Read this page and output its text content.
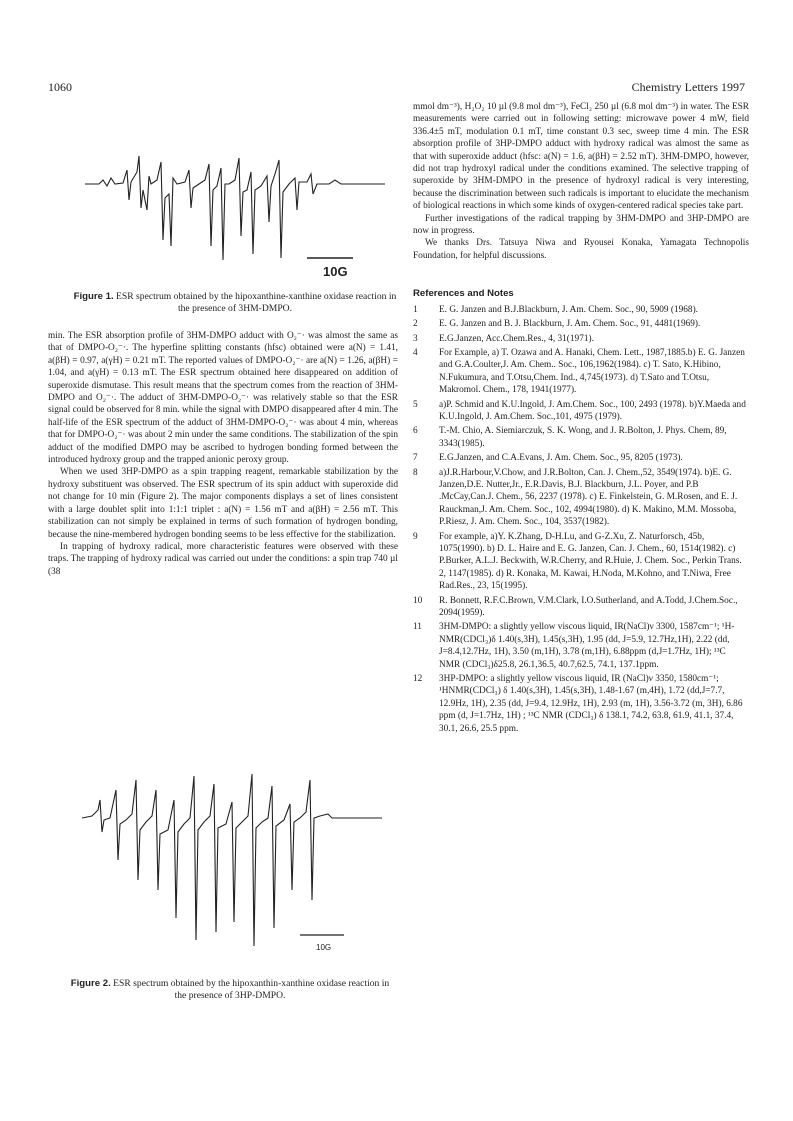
1060	Chemistry Letters 1997
10G
Figure 1. ESR spectrum obtained by the hipoxanthine-xanthine oxidase reaction in the presence of 3HM-DMPO.

min. The ESR absorption profile of 3HM-DMPO adduct with O₂⁻· was almost the same as that of DMPO-O₂⁻·. The hyperfine splitting constants (hfsc) obtained were a(N) = 1.41, a(βH) = 0.97, a(γH) = 0.21 mT. The reported values of DMPO-O₂⁻· are a(N) = 1.26, a(βH) = 1.04, and a(γH) = 0.13 mT. The ESR spectrum obtained here disappeared on addition of superoxide dismutase. This result means that the spectrum comes from the reaction of 3HM-DMPO and O₂⁻·. The adduct of 3HM-DMPO-O₂⁻· was relatively stable so that the ESR signal could be observed for 8 min. while the signal with DMPO disappeared after 4 min. The half-life of the ESR spectrum of the adduct of 3HM-DMPO-O₂⁻· was about 4 min, whereas that for DMPO-O₂⁻· was about 2 min under the same conditions. The stabilization of the spin adduct of the modified DMPO may be ascribed to hydrogen bonding formed between the introduced hydroxy group and the trapped anionic peroxy group.

When we used 3HP-DMPO as a spin trapping reagent, remarkable stabilization by the hydroxy substituent was observed. The ESR spectrum of its spin adduct with superoxide did not change for 10 min (Figure 2). The major components displays a set of lines consistent with a large doublet split into 1:1:1 triplet : a(N) = 1.56 mT and a(βH) = 2.56 mT. This stabilization can not simply be explained in terms of such formation of hydrogen bonding, because the nine-membered hydrogen bonding seems to be less effective for the stabilization.

In trapping of hydroxy radical, more characteristic features were observed with these traps. The trapping of hydroxy radical was carried out under the conditions: a spin trap 740 µl (38

10G
Figure 2. ESR spectrum obtained by the hipoxanthin-xanthine oxidase reaction in the presence of 3HP-DMPO.

mmol dm⁻³), H₂O₂ 10 µl (9.8 mol dm⁻³), FeCl₂ 250 µl (6.8 mol dm⁻³) in water. The ESR measurements were carried out in following setting: microwave power 4 mW, field 336.4±5 mT, modulation 0.1 mT, time constant 0.3 sec, sweep time 4 min. The ESR absorption profile of 3HP-DMPO adduct with hydroxy radical was almost the same as that with superoxide adduct (hfsc: a(N) = 1.6, a(βH) = 2.52 mT). 3HM-DMPO, however, did not trap hydroxyl radical under the conditions examined. The selective trapping of superoxide by 3HM-DMPO in the presence of hydroxyl radical is very interesting, because the discrimination between such radicals is important to elucidate the mechanism of biological reactions in which some kinds of oxygen-centered radical species take part.

Further investigations of the radical trapping by 3HM-DMPO and 3HP-DMPO are now in progress.

We thanks Drs. Tatsuya Niwa and Ryousei Konaka, Yamagata Technopolis Foundation, for helpful discussions.

References and Notes
1 E. G. Janzen and B.J.Blackburn, J. Am. Chem. Soc., 90, 5909 (1968).
2 E. G. Janzen and B. J. Blackburn, J. Am. Chem. Soc., 91, 4481(1969).
3 E.G.Janzen, Acc.Chem.Res., 4, 31(1971).
4 For Example, a) T. Ozawa and A. Hanaki, Chem. Lett., 1987,1885.b) E. G. Janzen and G.A.Coulter,J. Am. Chem.. Soc., 106,1962(1984). c) T. Sato, K.Hibino, N.Fukumura, and T.Otsu,Chem. Ind., 4,745(1973). d) T.Sato and T.Otsu, Makromol. Chem., 178, 1941(1977).
5 a)P. Schmid and K.U.Ingold, J. Am.Chem. Soc., 100, 2493 (1978). b)Y.Maeda and K.U.Ingold, J. Am.Chem. Soc.,101, 4975 (1979).
6 T.-M. Chio, A. Siemiarczuk, S. K. Wong, and J. R.Bolton, J. Phys. Chem, 89, 3343(1985).
7 E.G.Janzen, and C.A.Evans, J. Am. Chem. Soc., 95, 8205 (1973).
8 a)J.R.Harbour,V.Chow, and J.R.Bolton, Can. J. Chem.,52, 3549(1974). b)E. G. Janzen,D.E. Nutter,Jr., E.R.Davis, B.J. Blackburn, J.L. Poyer, and P.B .McCay,Can.J. Chem., 56, 2237 (1978). c) E. Finkelstein, G. M.Rosen, and E. J. Rauckman,J. Am. Chem. Soc., 102, 4994(1980). d) K. Makino, M.M. Mossoba, P.Riesz, J. Am. Chem. Soc., 104, 3537(1982).
9 For example, a)Y. K.Zhang, D-H.Lu, and G-Z.Xu, Z. Naturforsch, 45b, 1075(1990). b) D. L. Haire and E. G. Janzen, Can. J. Chem., 60, 1514(1982). c) P.Burker, A.L.J. Beckwith, W.R.Cherry, and R.Huie, J. Chem. Soc., Perkin Trans. 2, 1147(1985). d) R. Konaka, M. Kawai, H.Noda, M.Kohno, and T.Niwa, Free Rad.Res., 23, 15(1995).
10 R. Bonnett, R.F.C.Brown, V.M.Clark, I.O.Sutherland, and A.Todd, J.Chem.Soc., 2094(1959).
11 3HM-DMPO: a slightly yellow viscous liquid, IR(NaCl)ν 3300, 1587cm⁻¹; ¹H-NMR(CDCl₃)δ 1.40(s,3H), 1.45(s,3H), 1.95 (dd, J=5.9, 12.7Hz,1H), 2.22 (dd, J=8.4,12.7Hz, 1H), 3.50 (m,1H), 3.78 (m,1H), 6.88ppm (d,J=1.7Hz, 1H); ¹³C NMR (CDCl₃)δ25.8, 26.1,36.5, 40.7,62.5, 74.1, 137.1ppm.
12 3HP-DMPO: a slightly yellow viscous liquid, IR (NaCl)ν 3350, 1580cm⁻¹; ¹HNMR(CDCl₃) δ 1.40(s,3H), 1.45(s,3H), 1.48-1.67 (m,4H), 1.72 (dd,J=7.7, 12.9Hz, 1H), 2.35 (dd, J=9.4, 12.9Hz, 1H), 2.93 (m, 1H), 3.56-3.72 (m, 3H), 6.86 ppm (d, J=1.7Hz, 1H) ; ¹³C NMR (CDCl₃) δ 138.1, 74.2, 63.8, 61.9, 41.1, 37.4, 30.1, 26.6, 25.5 ppm.
